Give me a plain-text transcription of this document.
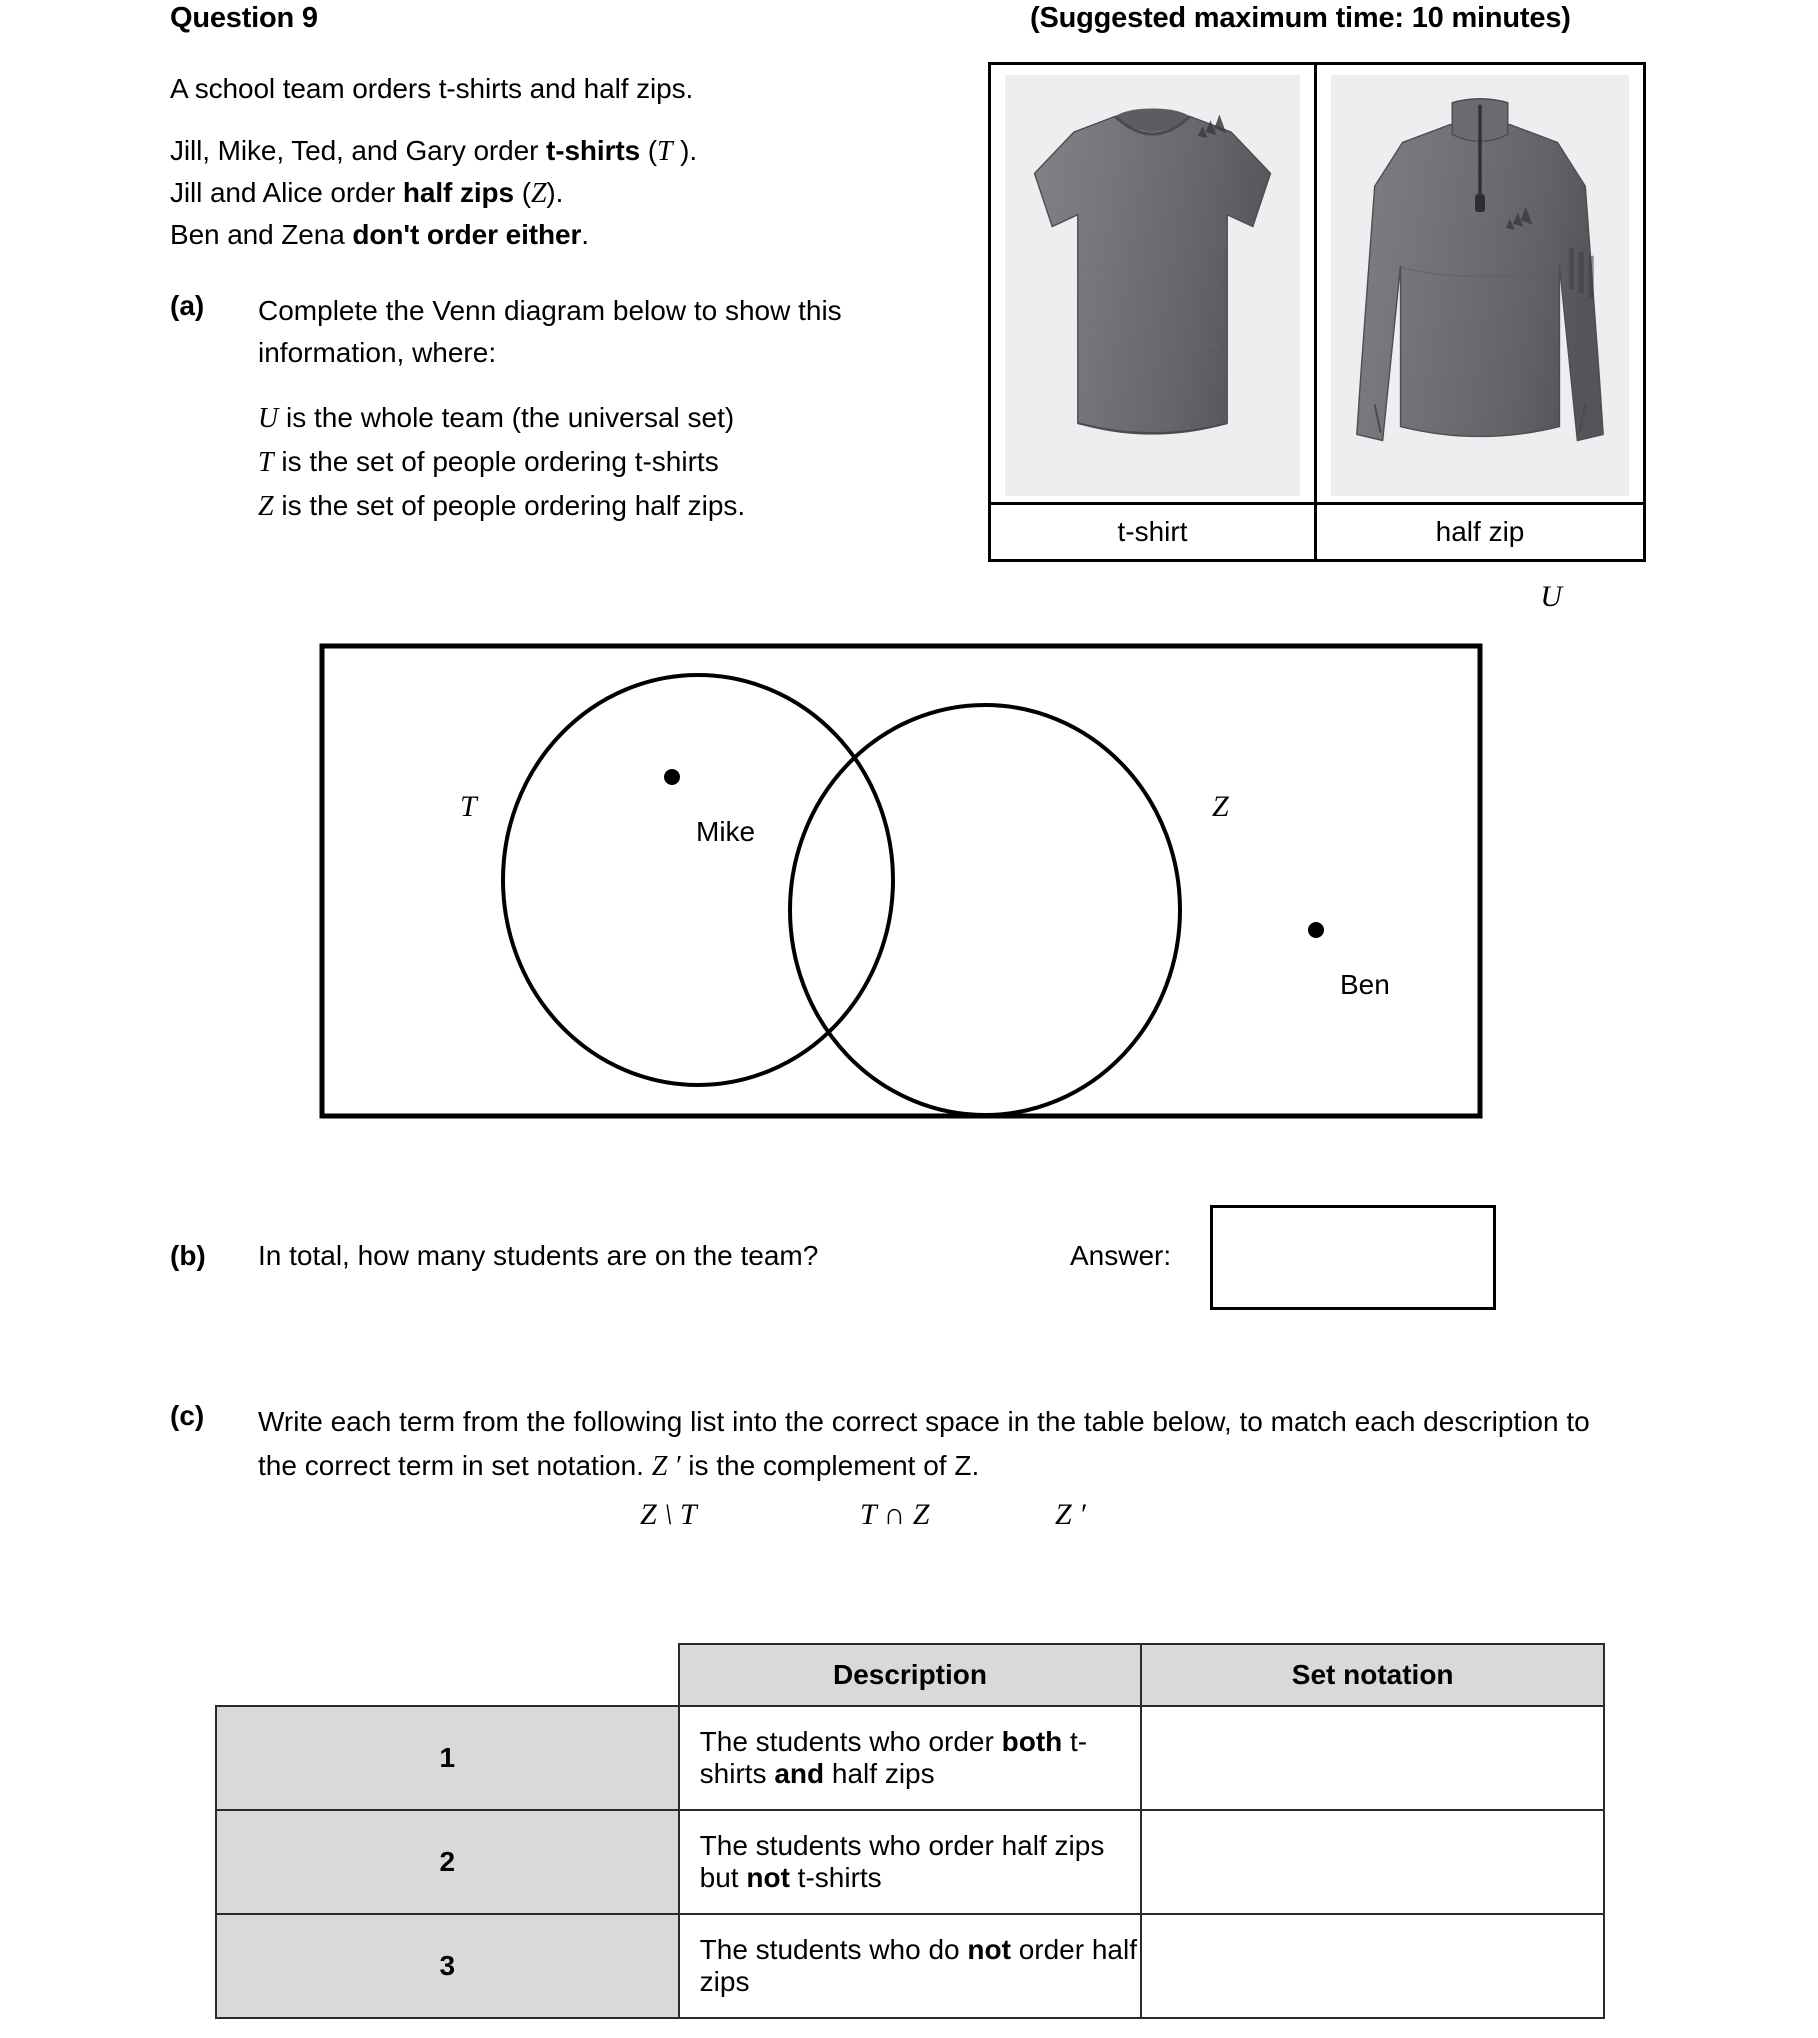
Question 9	(Suggested maximum time: 10 minutes)
A school team orders t-shirts and half zips.
Jill, Mike, Ted, and Gary order t-shirts (T ).
Jill and Alice order half zips (Z).
Ben and Zena don't order either.
(a) Complete the Venn diagram below to show this information, where:
U is the whole team (the universal set)
T is the set of people ordering t-shirts
Z is the set of people ordering half zips.
t-shirt	half zip
U
T	Z
Mike
Ben
(b) In total, how many students are on the team?	Answer:
(c) Write each term from the following list into the correct space in the table below, to match each description to the correct term in set notation. Z ′ is the complement of Z.
Z \ T	T ∩ Z	Z ′
	Description	Set notation
1	The students who order both t-shirts and half zips	
2	The students who order half zips but not t-shirts	
3	The students who do not order half zips	
